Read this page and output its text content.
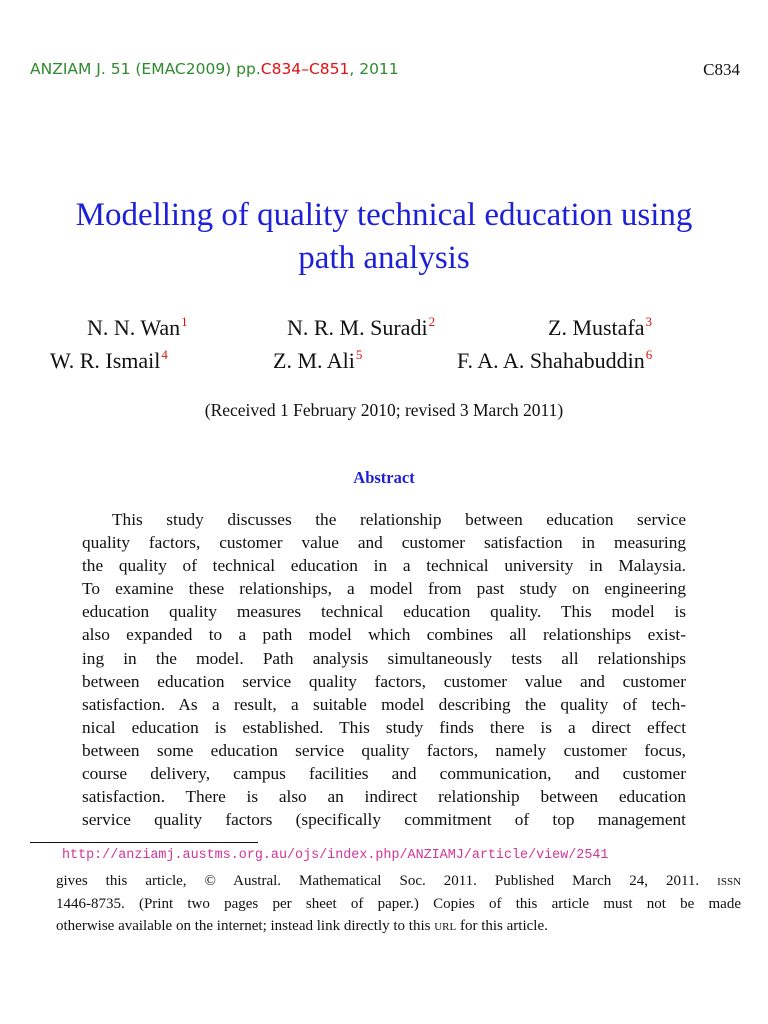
ANZIAM J. 51 (EMAC2009) pp.C834–C851, 2011	C834
Modelling of quality technical education using
path analysis
N. N. Wan$^1$	N. R. M. Suradi$^2$	Z. Mustafa$^3$
W. R. Ismail$^4$	Z. M. Ali$^5$	F. A. A. Shahabuddin$^6$
(Received 1 February 2010; revised 3 March 2011)
Abstract
This study discusses the relationship between education service
quality factors, customer value and customer satisfaction in measuring
the quality of technical education in a technical university in Malaysia.
To examine these relationships, a model from past study on engineering
education quality measures technical education quality. This model is
also expanded to a path model which combines all relationships exist-
ing in the model. Path analysis simultaneously tests all relationships
between education service quality factors, customer value and customer
satisfaction. As a result, a suitable model describing the quality of tech-
nical education is established. This study finds there is a direct effect
between some education service quality factors, namely customer focus,
course delivery, campus facilities and communication, and customer
satisfaction. There is also an indirect relationship between education
service quality factors (specifically commitment of top management
http://anziamj.austms.org.au/ojs/index.php/ANZIAMJ/article/view/2541
gives this article, © Austral. Mathematical Soc. 2011. Published March 24, 2011. issn
1446-8735. (Print two pages per sheet of paper.) Copies of this article must not be made
otherwise available on the internet; instead link directly to this url for this article.
